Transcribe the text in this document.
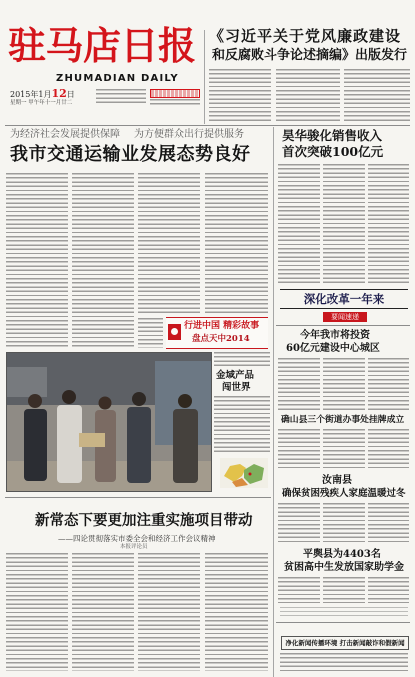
驻马店日报
ZHUMADIAN DAILY
2015年1月12日
星期一 甲午年十一月廿二
《习近平关于党风廉政建设
和反腐败斗争论述摘编》出版发行
为经济社会发展提供保障 为方便群众出行提供服务
我市交通运输业发展态势良好
行进中国 精彩故事
盘点天中2014
金域产品
闯世界
新常态下要更加注重实施项目带动
——四论贯彻落实市委全会和经济工作会议精神
本报评论员
昊华骏化销售收入
首次突破100亿元
深化改革一年来
要闻速递
今年我市将投资
60亿元建设中心城区
确山县三个街道办事处挂牌成立
汝南县
确保贫困残疾人家庭温暖过冬
平舆县为4403名
贫困高中生发放国家助学金
净化新闻传播环境 打击新闻敲诈和假新闻
